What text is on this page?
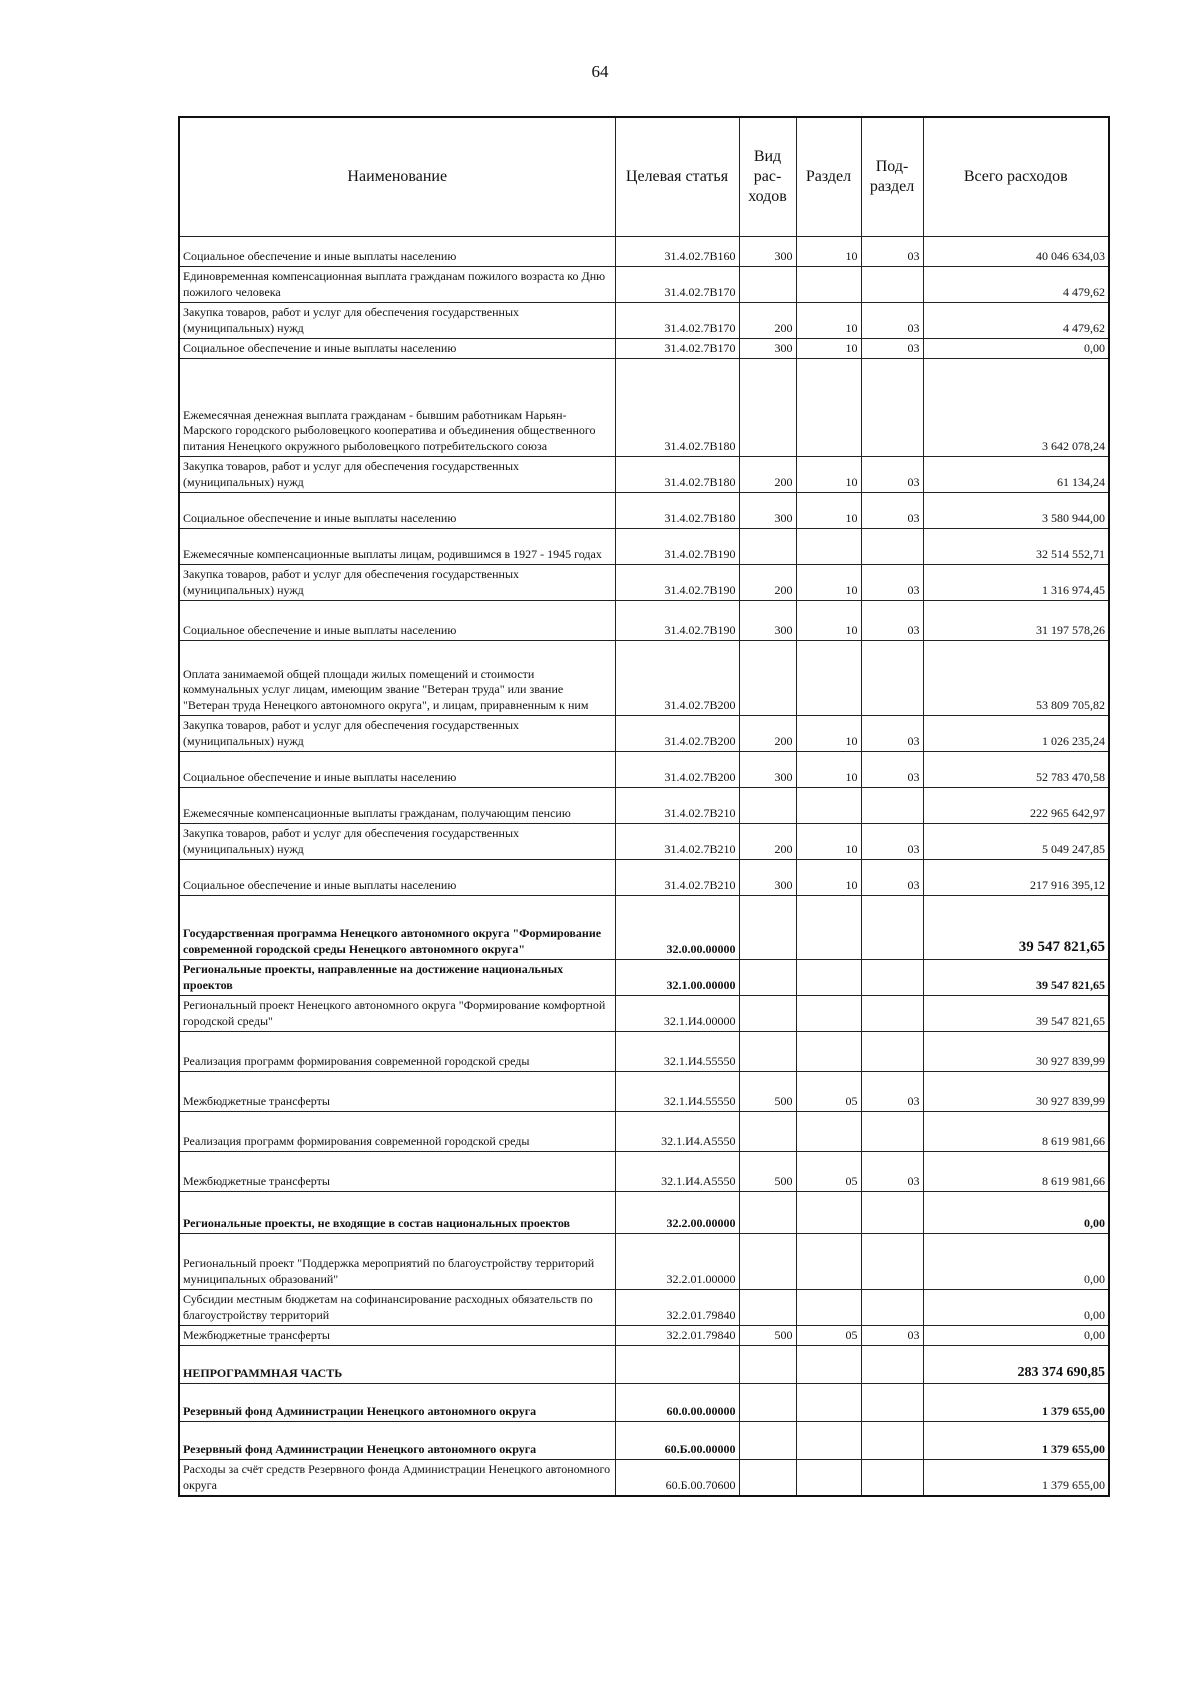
64
Наименование	Целевая статья	Вид рас- ходов	Раздел	Под- раздел	Всего расходов
Социальное обеспечение и иные выплаты населению	31.4.02.7В160	300	10	03	40 046 634,03
Единовременная компенсационная выплата гражданам пожилого возраста ко Дню пожилого человека	31.4.02.7В170				4 479,62
Закупка товаров, работ и услуг для обеспечения государственных (муниципальных) нужд	31.4.02.7В170	200	10	03	4 479,62
Социальное обеспечение и иные выплаты населению	31.4.02.7В170	300	10	03	0,00
Ежемесячная денежная выплата гражданам - бывшим работникам Нарьян-Марского городского рыболовецкого кооператива и объединения общественного питания Ненецкого окружного рыболовецкого потребительского союза	31.4.02.7В180				3 642 078,24
Закупка товаров, работ и услуг для обеспечения государственных (муниципальных) нужд	31.4.02.7В180	200	10	03	61 134,24
Социальное обеспечение и иные выплаты населению	31.4.02.7В180	300	10	03	3 580 944,00
Ежемесячные компенсационные выплаты лицам, родившимся в 1927 - 1945 годах	31.4.02.7В190				32 514 552,71
Закупка товаров, работ и услуг для обеспечения государственных (муниципальных) нужд	31.4.02.7В190	200	10	03	1 316 974,45
Социальное обеспечение и иные выплаты населению	31.4.02.7В190	300	10	03	31 197 578,26
Оплата занимаемой общей площади жилых помещений и стоимости коммунальных услуг лицам, имеющим звание "Ветеран труда" или звание "Ветеран труда Ненецкого автономного округа", и лицам, приравненным к ним	31.4.02.7В200				53 809 705,82
Закупка товаров, работ и услуг для обеспечения государственных (муниципальных) нужд	31.4.02.7В200	200	10	03	1 026 235,24
Социальное обеспечение и иные выплаты населению	31.4.02.7В200	300	10	03	52 783 470,58
Ежемесячные компенсационные выплаты гражданам, получающим пенсию	31.4.02.7В210				222 965 642,97
Закупка товаров, работ и услуг для обеспечения государственных (муниципальных) нужд	31.4.02.7В210	200	10	03	5 049 247,85
Социальное обеспечение и иные выплаты населению	31.4.02.7В210	300	10	03	217 916 395,12
Государственная программа Ненецкого автономного округа "Формирование современной городской среды Ненецкого автономного округа"	32.0.00.00000				39 547 821,65
Региональные проекты, направленные на достижение национальных проектов	32.1.00.00000				39 547 821,65
Региональный проект Ненецкого автономного округа "Формирование комфортной городской среды"	32.1.И4.00000				39 547 821,65
Реализация программ формирования современной городской среды	32.1.И4.55550				30 927 839,99
Межбюджетные трансферты	32.1.И4.55550	500	05	03	30 927 839,99
Реализация программ формирования современной городской среды	32.1.И4.А5550				8 619 981,66
Межбюджетные трансферты	32.1.И4.А5550	500	05	03	8 619 981,66
Региональные проекты, не входящие в состав национальных проектов	32.2.00.00000				0,00
Региональный проект "Поддержка мероприятий по благоустройству территорий муниципальных образований"	32.2.01.00000				0,00
Субсидии местным бюджетам на софинансирование расходных обязательств по благоустройству территорий	32.2.01.79840				0,00
Межбюджетные трансферты	32.2.01.79840	500	05	03	0,00
НЕПРОГРАММНАЯ ЧАСТЬ					283 374 690,85
Резервный фонд Администрации Ненецкого автономного округа	60.0.00.00000				1 379 655,00
Резервный фонд Администрации Ненецкого автономного округа	60.Б.00.00000				1 379 655,00
Расходы за счёт средств Резервного фонда Администрации Ненецкого автономного округа	60.Б.00.70600				1 379 655,00
